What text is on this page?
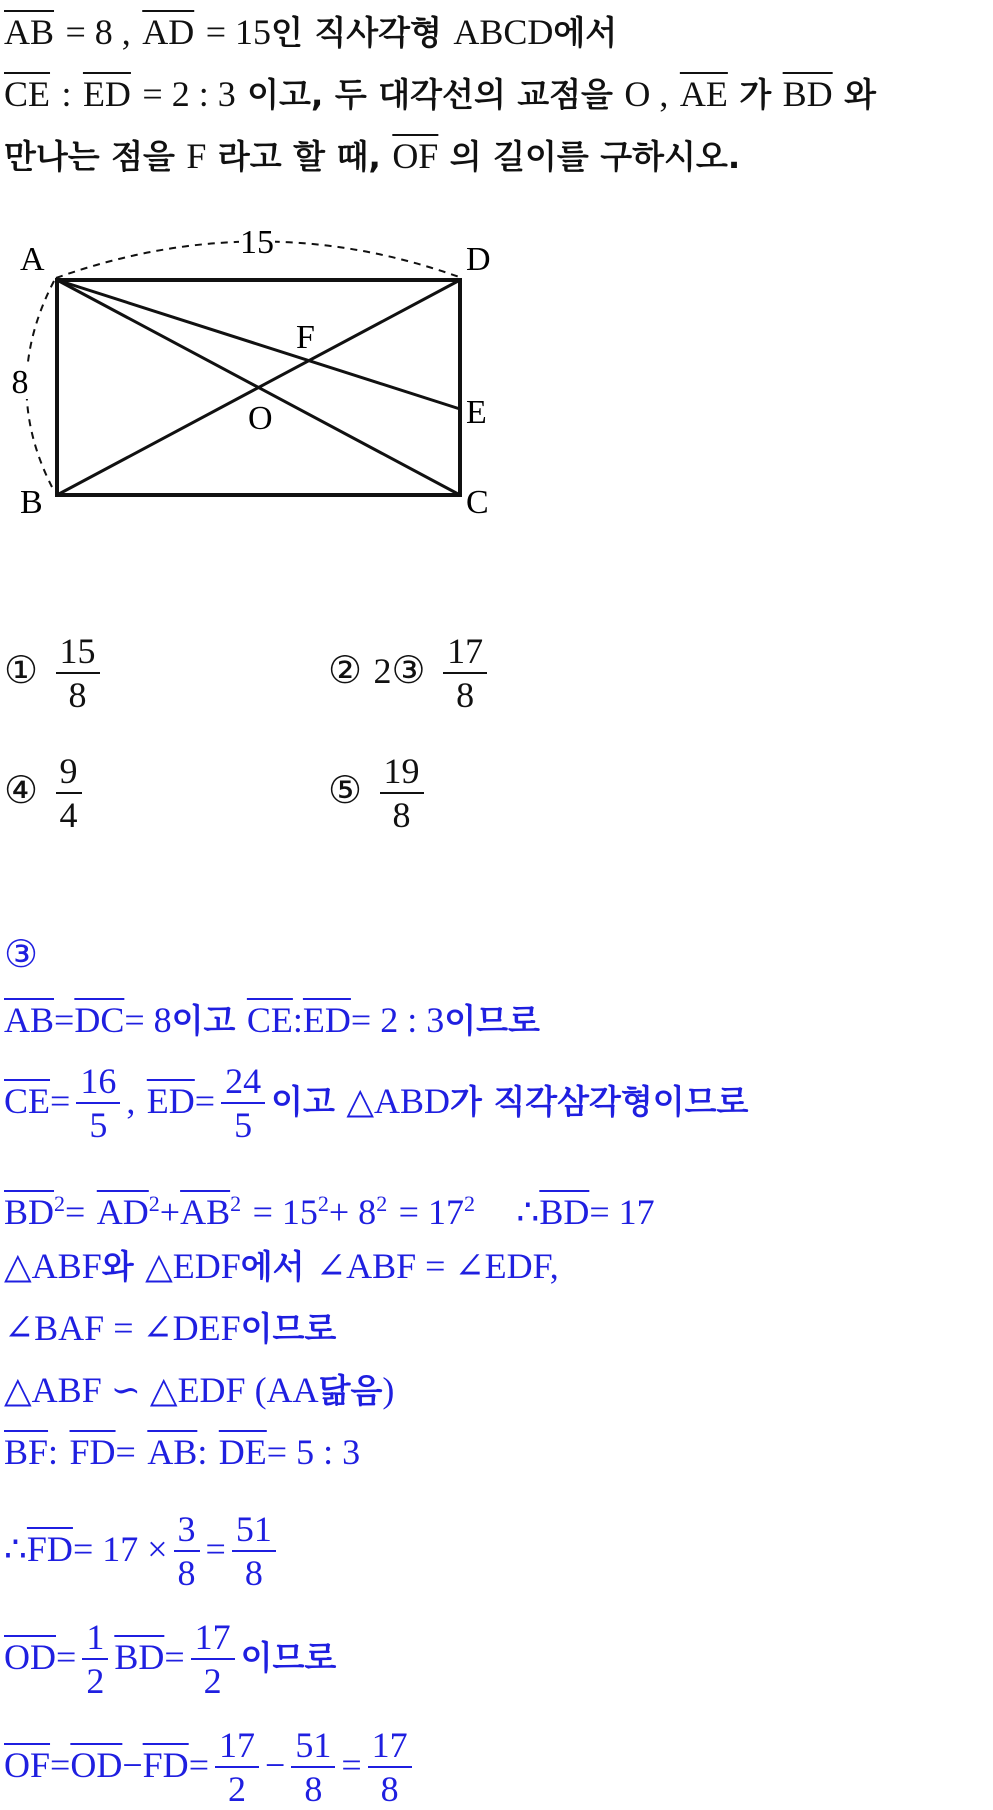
$\overline{AB} = 8$ , $\overline{AD} = 15$인 직사각형 ABCD에서
$\overline{CE}$ : $\overline{ED} = 2$ : 3 이고, 두 대각선의 교점을 O , $\overline{AE}$ 가 $\overline{BD}$ 와
만나는 점을 F 라고 할 때, $\overline{OF}$ 의 길이를 구하시오.
15
8
A	D
B	C
E
F
O
① $\frac{15}{8}$	② 2③ $\frac{17}{8}$
④ $\frac{9}{4}$	⑤ $\frac{19}{8}$
③
$\overline{AB}=\overline{DC}= 8$이고 $\overline{CE}:\overline{ED}= 2$ : 3이므로
$\overline{CE}= \frac{16}{5}$ , $\overline{ED}= \frac{24}{5}$ 이고 △ABD가 직각삼각형이므로
$\overline{BD}^2= \overline{AD}^2+\overline{AB}^2 = 15^2+ 8^2 = 17^2$ $\therefore\overline{BD}= 17$
△ABF와 △EDF에서 ∠ABF = ∠EDF,
∠BAF = ∠DEF이므로
△ABF ∽ △EDF (AA닮음)
$\overline{BF}$: $\overline{FD}= \overline{AB}$: $\overline{DE}= 5$ : 3
$\therefore\overline{FD}= 17 \times \frac{3}{8} = \frac{51}{8}$
$\overline{OD}= \frac{1}{2} \overline{BD}= \frac{17}{2}$ 이므로
$\overline{OF}=\overline{OD}-\overline{FD}= \frac{17}{2} - \frac{51}{8} = \frac{17}{8}$
